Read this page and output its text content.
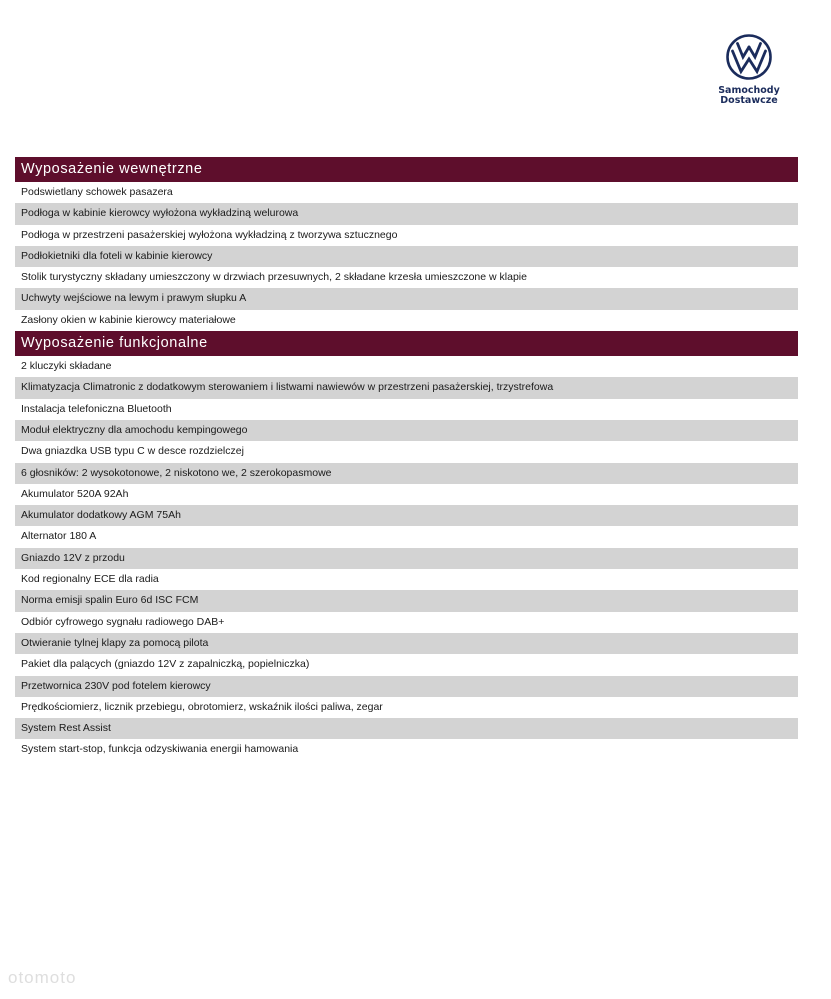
Samochody
Dostawcze
Wyposażenie wewnętrzne
Podswietlany schowek pasazera
Podłoga w kabinie kierowcy wyłożona wykładziną welurowa
Podłoga w przestrzeni pasażerskiej wyłożona wykładziną z tworzywa sztucznego
Podłokietniki dla foteli w kabinie kierowcy
Stolik turystyczny składany umieszczony w drzwiach przesuwnych, 2 składane krzesła umieszczone w klapie
Uchwyty wejściowe na lewym i prawym słupku A
Zasłony okien w kabinie kierowcy materiałowe
Wyposażenie funkcjonalne
2 kluczyki składane
Klimatyzacja Climatronic z dodatkowym sterowaniem i listwami nawiewów w przestrzeni pasażerskiej, trzystrefowa
Instalacja telefoniczna Bluetooth
Moduł elektryczny dla amochodu kempingowego
Dwa gniazdka USB typu C w desce rozdzielczej
6 głosników: 2 wysokotonowe, 2 niskotono we, 2 szerokopasmowe
Akumulator 520A 92Ah
Akumulator dodatkowy AGM 75Ah
Alternator 180 A
Gniazdo 12V z przodu
Kod regionalny ECE dla radia
Norma emisji spalin Euro 6d ISC FCM
Odbiór cyfrowego sygnału radiowego DAB+
Otwieranie tylnej klapy za pomocą pilota
Pakiet dla palących (gniazdo 12V z zapalniczką, popielniczka)
Przetwornica 230V pod fotelem kierowcy
Prędkościomierz, licznik przebiegu, obrotomierz, wskaźnik ilości paliwa, zegar
System Rest Assist
System start-stop, funkcja odzyskiwania energii hamowania
otomoto
